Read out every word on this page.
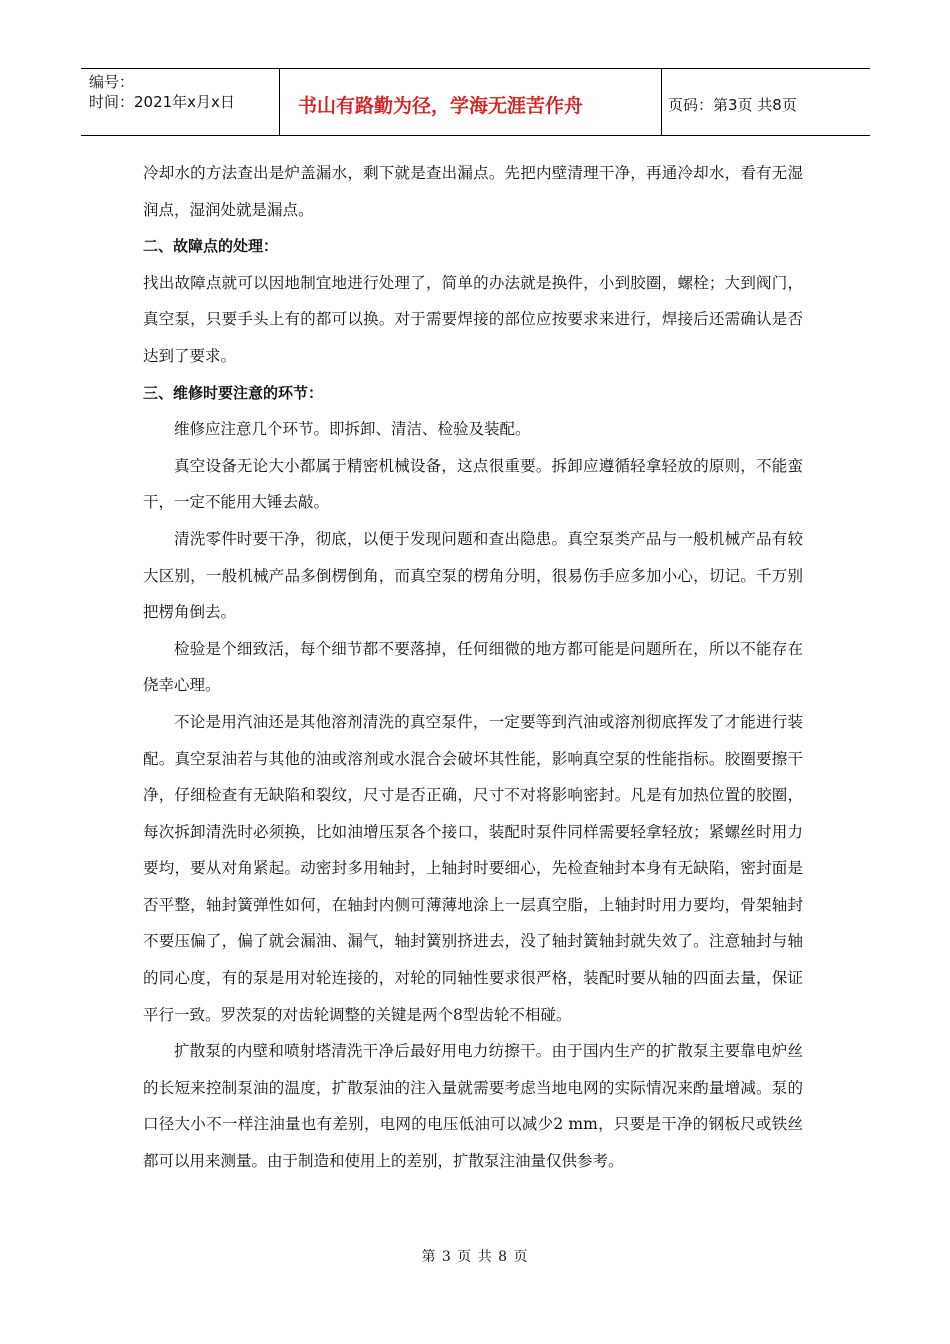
编号：
时间：2021年x月x日	书山有路勤为径，学海无涯苦作舟	页码：第3页 共8页

冷却水的方法查出是炉盖漏水，剩下就是查出漏点。先把内壁清理干净，再通冷却水，看有无湿润点，湿润处就是漏点。

二、故障点的处理：

找出故障点就可以因地制宜地进行处理了，简单的办法就是换件，小到胶圈，螺栓；大到阀门，真空泵，只要手头上有的都可以换。对于需要焊接的部位应按要求来进行，焊接后还需确认是否达到了要求。

三、维修时要注意的环节：

维修应注意几个环节。即拆卸、清洁、检验及装配。

真空设备无论大小都属于精密机械设备，这点很重要。拆卸应遵循轻拿轻放的原则，不能蛮干，一定不能用大锤去敲。

清洗零件时要干净，彻底，以便于发现问题和查出隐患。真空泵类产品与一般机械产品有较大区别，一般机械产品多倒楞倒角，而真空泵的楞角分明，很易伤手应多加小心，切记。千万别把楞角倒去。

检验是个细致活，每个细节都不要落掉，任何细微的地方都可能是问题所在，所以不能存在侥幸心理。

不论是用汽油还是其他溶剂清洗的真空泵件，一定要等到汽油或溶剂彻底挥发了才能进行装配。真空泵油若与其他的油或溶剂或水混合会破坏其性能，影响真空泵的性能指标。胶圈要擦干净，仔细检查有无缺陷和裂纹，尺寸是否正确，尺寸不对将影响密封。凡是有加热位置的胶圈，每次拆卸清洗时必须换，比如油增压泵各个接口，装配时泵件同样需要轻拿轻放；紧螺丝时用力要均，要从对角紧起。动密封多用轴封，上轴封时要细心，先检查轴封本身有无缺陷，密封面是否平整，轴封簧弹性如何，在轴封内侧可薄薄地涂上一层真空脂，上轴封时用力要均，骨架轴封不要压偏了，偏了就会漏油、漏气，轴封簧别挤进去，没了轴封簧轴封就失效了。注意轴封与轴的同心度，有的泵是用对轮连接的，对轮的同轴性要求很严格，装配时要从轴的四面去量，保证平行一致。罗茨泵的对齿轮调整的关键是两个8型齿轮不相碰。

扩散泵的内壁和喷射塔清洗干净后最好用电力纺擦干。由于国内生产的扩散泵主要靠电炉丝的长短来控制泵油的温度，扩散泵油的注入量就需要考虑当地电网的实际情况来酌量增减。泵的口径大小不一样注油量也有差别，电网的电压低油可以减少2 mm，只要是干净的钢板尺或铁丝都可以用来测量。由于制造和使用上的差别，扩散泵注油量仅供参考。

第 3 页 共 8 页
